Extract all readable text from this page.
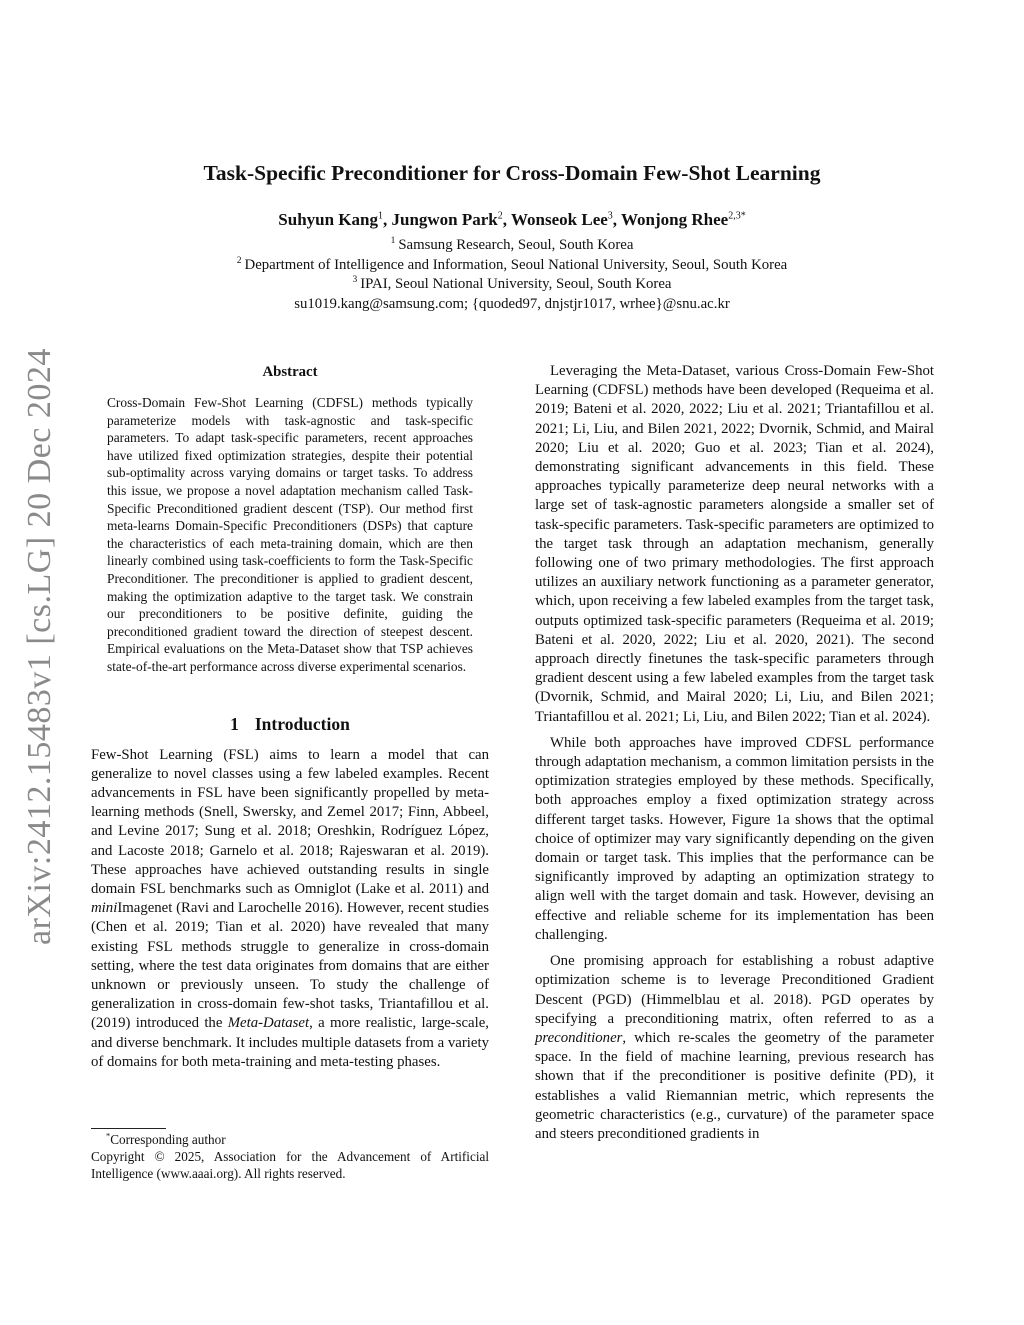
arXiv:2412.15483v1 [cs.LG] 20 Dec 2024
Task-Specific Preconditioner for Cross-Domain Few-Shot Learning
Suhyun Kang$^1$, Jungwon Park$^2$, Wonseok Lee$^3$, Wonjong Rhee$^{2,3*}$
$^1$ Samsung Research, Seoul, South Korea
$^2$ Department of Intelligence and Information, Seoul National University, Seoul, South Korea
$^3$ IPAI, Seoul National University, Seoul, South Korea
su1019.kang@samsung.com; {quoded97, dnjstjr1017, wrhee}@snu.ac.kr
Abstract

Cross-Domain Few-Shot Learning (CDFSL) methods typically parameterize models with task-agnostic and task-specific parameters. To adapt task-specific parameters, recent approaches have utilized fixed optimization strategies, despite their potential sub-optimality across varying domains or target tasks. To address this issue, we propose a novel adaptation mechanism called Task-Specific Preconditioned gradient descent (TSP). Our method first meta-learns Domain-Specific Preconditioners (DSPs) that capture the characteristics of each meta-training domain, which are then linearly combined using task-coefficients to form the Task-Specific Preconditioner. The preconditioner is applied to gradient descent, making the optimization adaptive to the target task. We constrain our preconditioners to be positive definite, guiding the preconditioned gradient toward the direction of steepest descent. Empirical evaluations on the Meta-Dataset show that TSP achieves state-of-the-art performance across diverse experimental scenarios.

1 Introduction

Few-Shot Learning (FSL) aims to learn a model that can generalize to novel classes using a few labeled examples. Recent advancements in FSL have been significantly propelled by meta-learning methods (Snell, Swersky, and Zemel 2017; Finn, Abbeel, and Levine 2017; Sung et al. 2018; Oreshkin, Rodríguez López, and Lacoste 2018; Garnelo et al. 2018; Rajeswaran et al. 2019). These approaches have achieved outstanding results in single domain FSL benchmarks such as Omniglot (Lake et al. 2011) and miniImagenet (Ravi and Larochelle 2016). However, recent studies (Chen et al. 2019; Tian et al. 2020) have revealed that many existing FSL methods struggle to generalize in cross-domain setting, where the test data originates from domains that are either unknown or previously unseen. To study the challenge of generalization in cross-domain few-shot tasks, Triantafillou et al. (2019) introduced the Meta-Dataset, a more realistic, large-scale, and diverse benchmark. It includes multiple datasets from a variety of domains for both meta-training and meta-testing phases.

Leveraging the Meta-Dataset, various Cross-Domain Few-Shot Learning (CDFSL) methods have been developed (Requeima et al. 2019; Bateni et al. 2020, 2022; Liu et al. 2021; Triantafillou et al. 2021; Li, Liu, and Bilen 2021, 2022; Dvornik, Schmid, and Mairal 2020; Liu et al. 2020; Guo et al. 2023; Tian et al. 2024), demonstrating significant advancements in this field. These approaches typically parameterize deep neural networks with a large set of task-agnostic parameters alongside a smaller set of task-specific parameters. Task-specific parameters are optimized to the target task through an adaptation mechanism, generally following one of two primary methodologies. The first approach utilizes an auxiliary network functioning as a parameter generator, which, upon receiving a few labeled examples from the target task, outputs optimized task-specific parameters (Requeima et al. 2019; Bateni et al. 2020, 2022; Liu et al. 2020, 2021). The second approach directly finetunes the task-specific parameters through gradient descent using a few labeled examples from the target task (Dvornik, Schmid, and Mairal 2020; Li, Liu, and Bilen 2021; Triantafillou et al. 2021; Li, Liu, and Bilen 2022; Tian et al. 2024).

While both approaches have improved CDFSL performance through adaptation mechanism, a common limitation persists in the optimization strategies employed by these methods. Specifically, both approaches employ a fixed optimization strategy across different target tasks. However, Figure 1a shows that the optimal choice of optimizer may vary significantly depending on the given domain or target task. This implies that the performance can be significantly improved by adapting an optimization strategy to align well with the target domain and task. However, devising an effective and reliable scheme for its implementation has been challenging.

One promising approach for establishing a robust adaptive optimization scheme is to leverage Preconditioned Gradient Descent (PGD) (Himmelblau et al. 2018). PGD operates by specifying a preconditioning matrix, often referred to as a preconditioner, which re-scales the geometry of the parameter space. In the field of machine learning, previous research has shown that if the preconditioner is positive definite (PD), it establishes a valid Riemannian metric, which represents the geometric characteristics (e.g., curvature) of the parameter space and steers preconditioned gradients in

*Corresponding author
Copyright © 2025, Association for the Advancement of Artificial Intelligence (www.aaai.org). All rights reserved.
